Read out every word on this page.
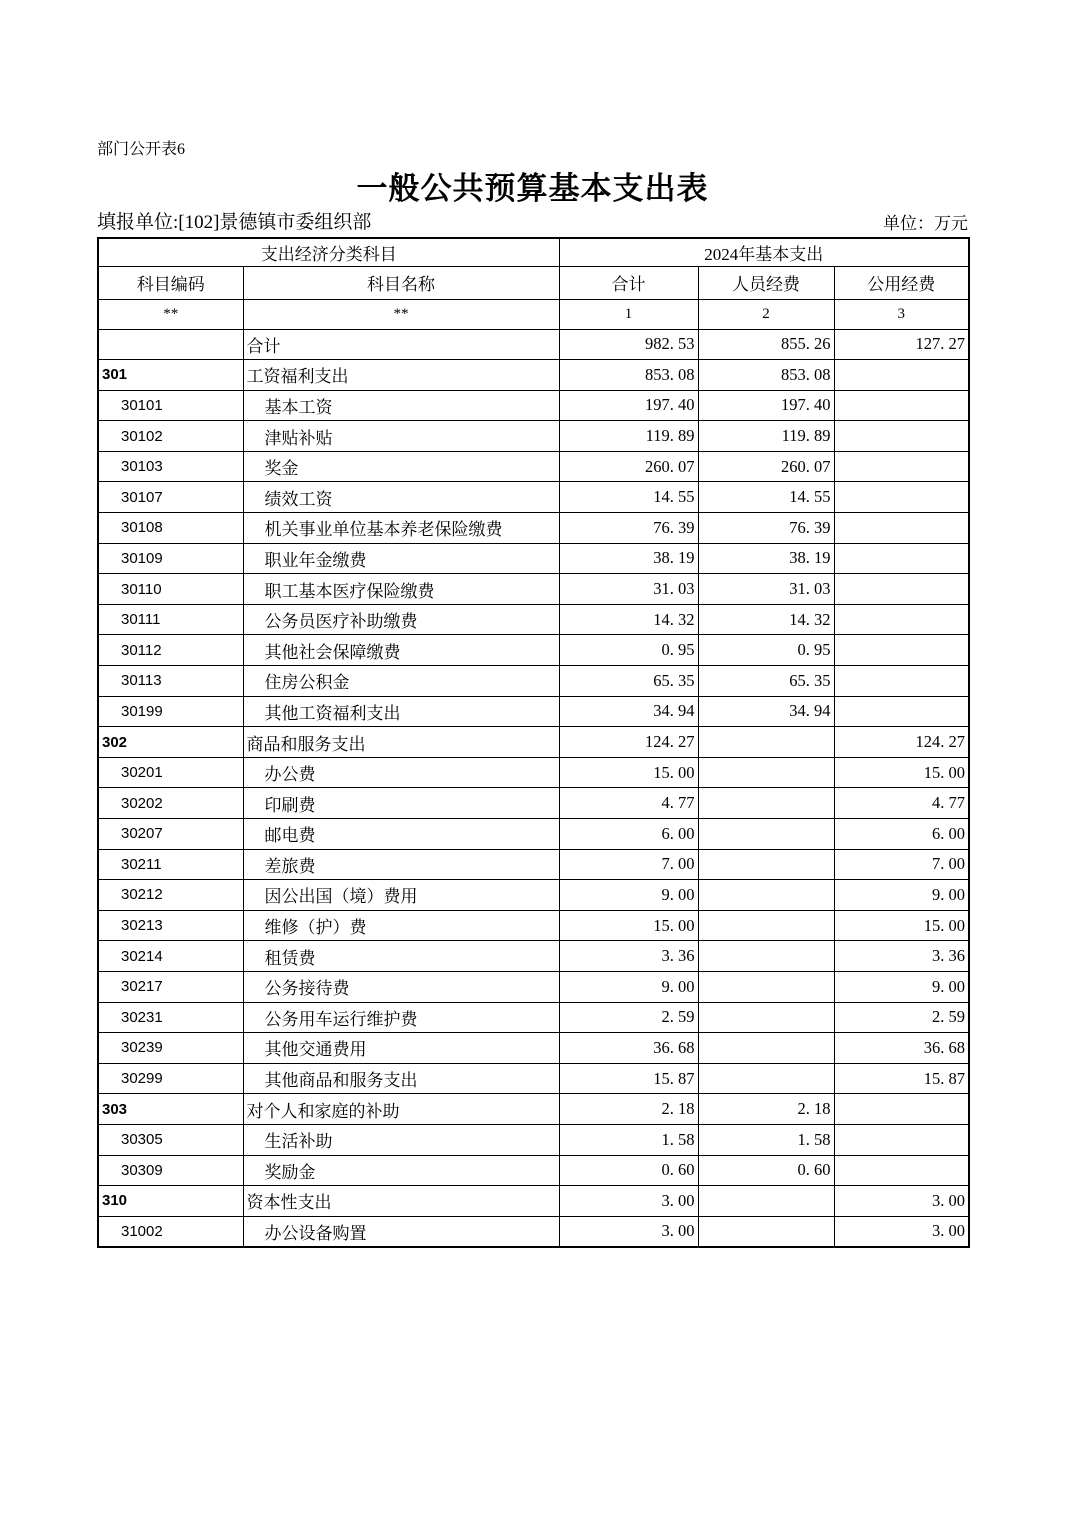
部门公开表6
一般公共预算基本支出表
填报单位:[102]景德镇市委组织部	单位：万元
支出经济分类科目		2024年基本支出		
科目编码	科目名称	合计	人员经费	公用经费
**	**	1	2	3
	合计	982. 53	855. 26	127. 27
301	工资福利支出	853. 08	853. 08	
30101	基本工资	197. 40	197. 40	
30102	津贴补贴	119. 89	119. 89	
30103	奖金	260. 07	260. 07	
30107	绩效工资	14. 55	14. 55	
30108	机关事业单位基本养老保险缴费	76. 39	76. 39	
30109	职业年金缴费	38. 19	38. 19	
30110	职工基本医疗保险缴费	31. 03	31. 03	
30111	公务员医疗补助缴费	14. 32	14. 32	
30112	其他社会保障缴费	0. 95	0. 95	
30113	住房公积金	65. 35	65. 35	
30199	其他工资福利支出	34. 94	34. 94	
302	商品和服务支出	124. 27		124. 27
30201	办公费	15. 00		15. 00
30202	印刷费	4. 77		4. 77
30207	邮电费	6. 00		6. 00
30211	差旅费	7. 00		7. 00
30212	因公出国（境）费用	9. 00		9. 00
30213	维修（护）费	15. 00		15. 00
30214	租赁费	3. 36		3. 36
30217	公务接待费	9. 00		9. 00
30231	公务用车运行维护费	2. 59		2. 59
30239	其他交通费用	36. 68		36. 68
30299	其他商品和服务支出	15. 87		15. 87
303	对个人和家庭的补助	2. 18	2. 18	
30305	生活补助	1. 58	1. 58	
30309	奖励金	0. 60	0. 60	
310	资本性支出	3. 00		3. 00
31002	办公设备购置	3. 00		3. 00
